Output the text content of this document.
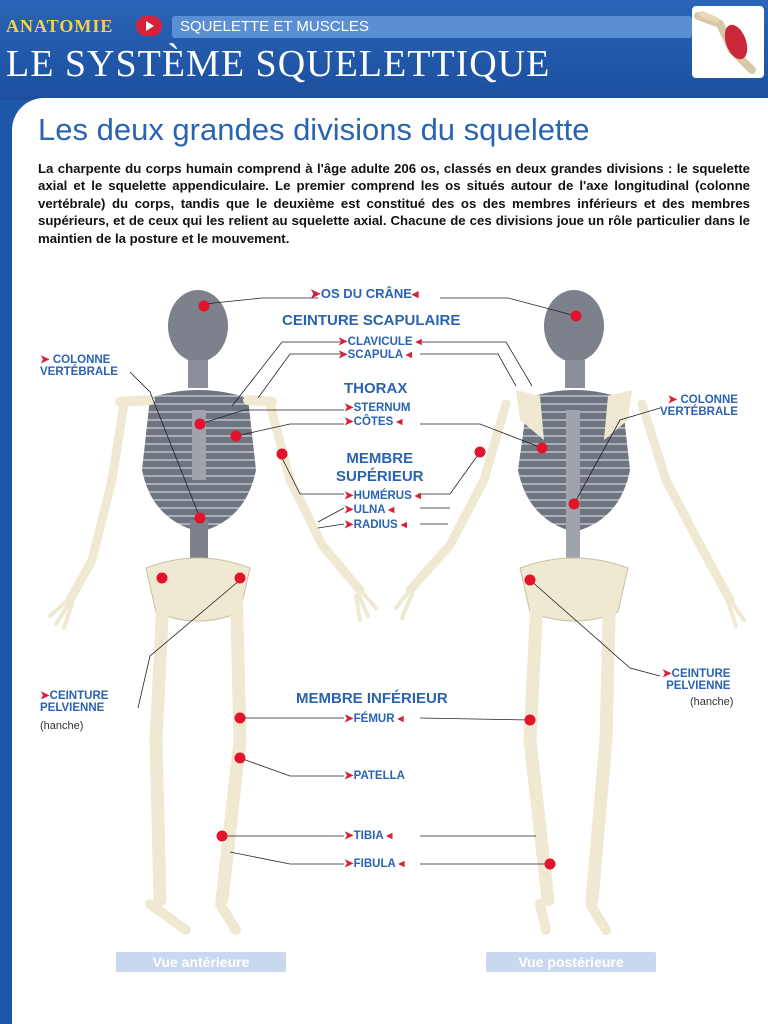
ANATOMIE	SQUELETTE ET MUSCLES
LE SYSTÈME SQUELETTIQUE
Les deux grandes divisions du squelette
La charpente du corps humain comprend à l'âge adulte 206 os, classés en deux grandes divisions : le squelette axial et le squelette appendiculaire. Le premier comprend les os situés autour de l'axe longitudinal (colonne vertébrale) du corps, tandis que le deuxième est constitué des os des membres inférieurs et des membres supérieurs, et de ceux qui les relient au squelette axial. Chacune de ces divisions joue un rôle particulier dans le maintien de la posture et le mouvement.
➤OS DU CRÂNE◂
CEINTURE SCAPULAIRE
➤CLAVICULE ◂
➤SCAPULA ◂
THORAX
➤STERNUM
➤CÔTES ◂
MEMBRE
SUPÉRIEUR
➤HUMÉRUS ◂
➤ULNA ◂
➤RADIUS ◂
➤ COLONNE
VERTÉBRALE
➤ COLONNE
VERTÉBRALE
➤CEINTURE
PELVIENNE
(hanche)
➤CEINTURE
PELVIENNE
(hanche)
MEMBRE INFÉRIEUR
➤FÉMUR ◂
➤PATELLA
➤TIBIA ◂
➤FIBULA ◂
Vue antérieure	Vue postérieure
